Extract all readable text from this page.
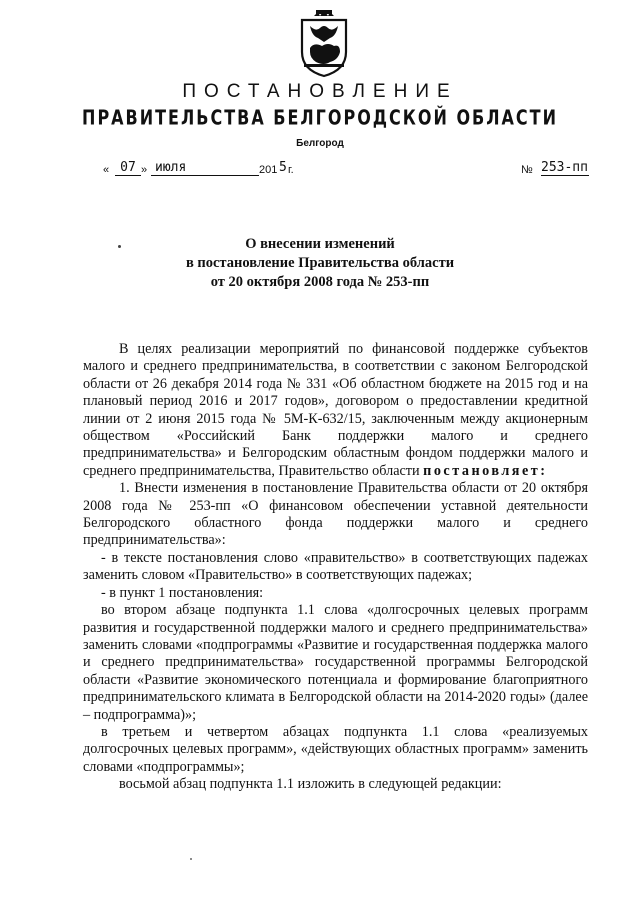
ПОСТАНОВЛЕНИЕ
ПРАВИТЕЛЬСТВА БЕЛГОРОДСКОЙ ОБЛАСТИ
Белгород
« 07 » июля	201 5 г.	№ 253-пп
О внесении изменений
в постановление Правительства области
от 20 октября 2008 года № 253-пп

В целях реализации мероприятий по финансовой поддержке субъектов малого и среднего предпринимательства, в соответствии с законом Белгородской области от 26 декабря 2014 года № 331 «Об областном бюджете на 2015 год и на плановый период 2016 и 2017 годов», договором о предоставлении кредитной линии от 2 июня 2015 года № 5М-К-632/15, заключенным между акционерным обществом «Российский Банк поддержки малого и среднего предпринимательства» и Белгородским областным фондом поддержки малого и среднего предпринимательства, Правительство области постановляет:

1. Внести изменения в постановление Правительства области от 20 октября 2008 года № 253-пп «О финансовом обеспечении уставной деятельности Белгородского областного фонда поддержки малого и среднего предпринимательства»:

- в тексте постановления слово «правительство» в соответствующих падежах заменить словом «Правительство» в соответствующих падежах;

- в пункт 1 постановления:

во втором абзаце подпункта 1.1 слова «долгосрочных целевых программ развития и государственной поддержки малого и среднего предпринимательства» заменить словами «подпрограммы «Развитие и государственная поддержка малого и среднего предпринимательства» государственной программы Белгородской области «Развитие экономического потенциала и формирование благоприятного предпринимательского климата в Белгородской области на 2014-2020 годы» (далее – подпрограмма)»;

в третьем и четвертом абзацах подпункта 1.1 слова «реализуемых долгосрочных целевых программ», «действующих областных программ» заменить словами «подпрограммы»;

восьмой абзац подпункта 1.1 изложить в следующей редакции:
